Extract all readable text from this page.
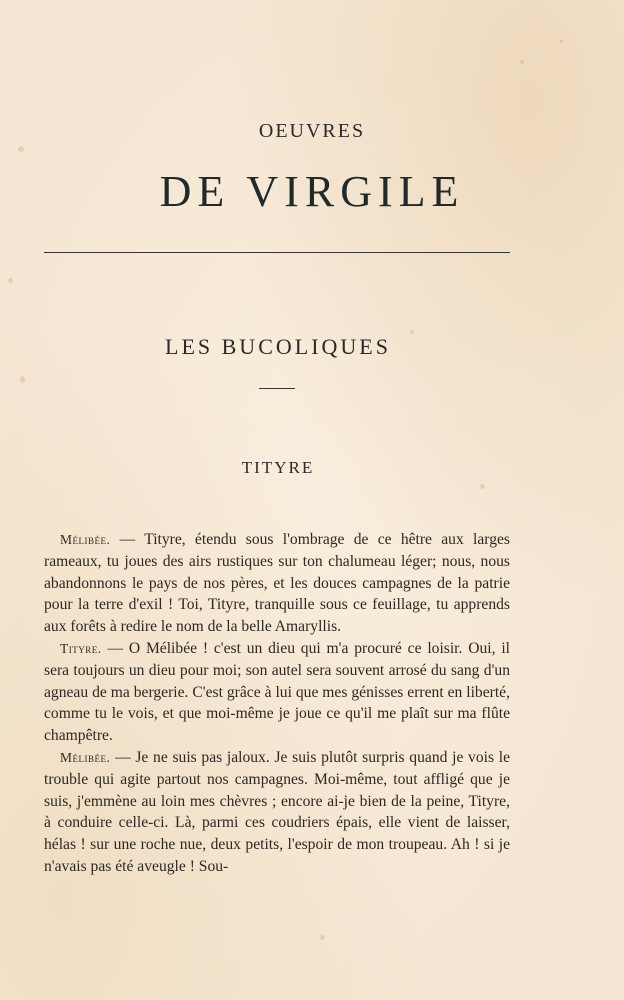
OEUVRES
DE VIRGILE
LES BUCOLIQUES
TITYRE

Mélibée. — Tityre, étendu sous l'ombrage de ce hêtre aux larges rameaux, tu joues des airs rustiques sur ton chalumeau léger; nous, nous abandonnons le pays de nos pères, et les douces campagnes de la patrie pour la terre d'exil ! Toi, Tityre, tranquille sous ce feuillage, tu apprends aux forêts à redire le nom de la belle Amaryllis.

Tityre. — O Mélibée ! c'est un dieu qui m'a procuré ce loisir. Oui, il sera toujours un dieu pour moi; son autel sera souvent arrosé du sang d'un agneau de ma bergerie. C'est grâce à lui que mes génisses errent en liberté, comme tu le vois, et que moi-même je joue ce qu'il me plaît sur ma flûte champêtre.

Mélibée. — Je ne suis pas jaloux. Je suis plutôt surpris quand je vois le trouble qui agite partout nos campagnes. Moi-même, tout affligé que je suis, j'emmène au loin mes chèvres ; encore ai-je bien de la peine, Tityre, à conduire celle-ci. Là, parmi ces coudriers épais, elle vient de laisser, hélas ! sur une roche nue, deux petits, l'espoir de mon troupeau. Ah ! si je n'avais pas été aveugle ! Sou-
